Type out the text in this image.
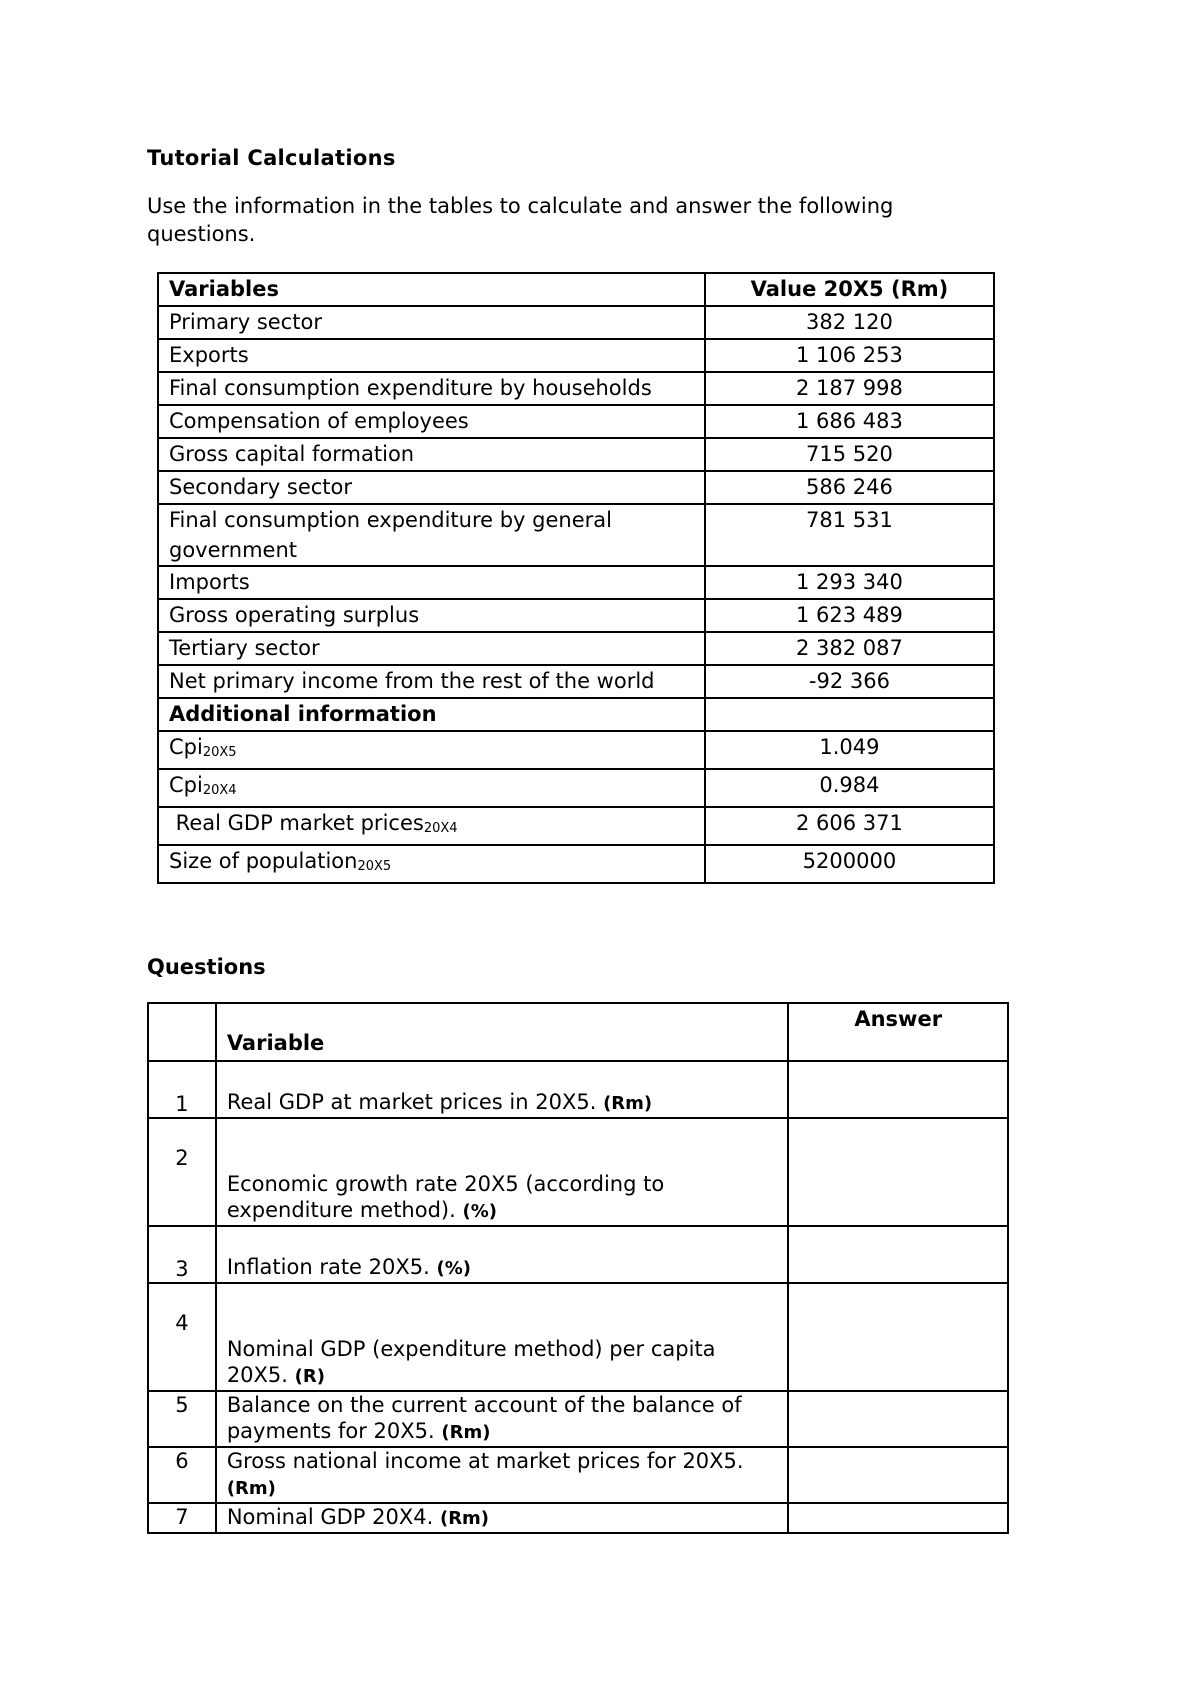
Tutorial Calculations

Use the information in the tables to calculate and answer the following questions.

Variables	Value 20X5 (Rm)
Primary sector	382 120
Exports	1 106 253
Final consumption expenditure by households	2 187 998
Compensation of employees	1 686 483
Gross capital formation	715 520
Secondary sector	586 246
Final consumption expenditure by general government	781 531
Imports	1 293 340
Gross operating surplus	1 623 489
Tertiary sector	2 382 087
Net primary income from the rest of the world	-92 366
Additional information	
Cpi$_{20X5}$	1.049
Cpi$_{20X4}$	0.984
Real GDP market prices$_{20X4}$	2 606 371
Size of population$_{20X5}$	5200000
Questions
	Variable	Answer
1	Real GDP at market prices in 20X5. (Rm)	
2	Economic growth rate 20X5 (according to expenditure method). (%)	
3	Inflation rate 20X5. (%)	
4	Nominal GDP (expenditure method) per capita 20X5. (R)	
5	Balance on the current account of the balance of payments for 20X5. (Rm)	
6	Gross national income at market prices for 20X5. (Rm)	
7	Nominal GDP 20X4. (Rm)	
